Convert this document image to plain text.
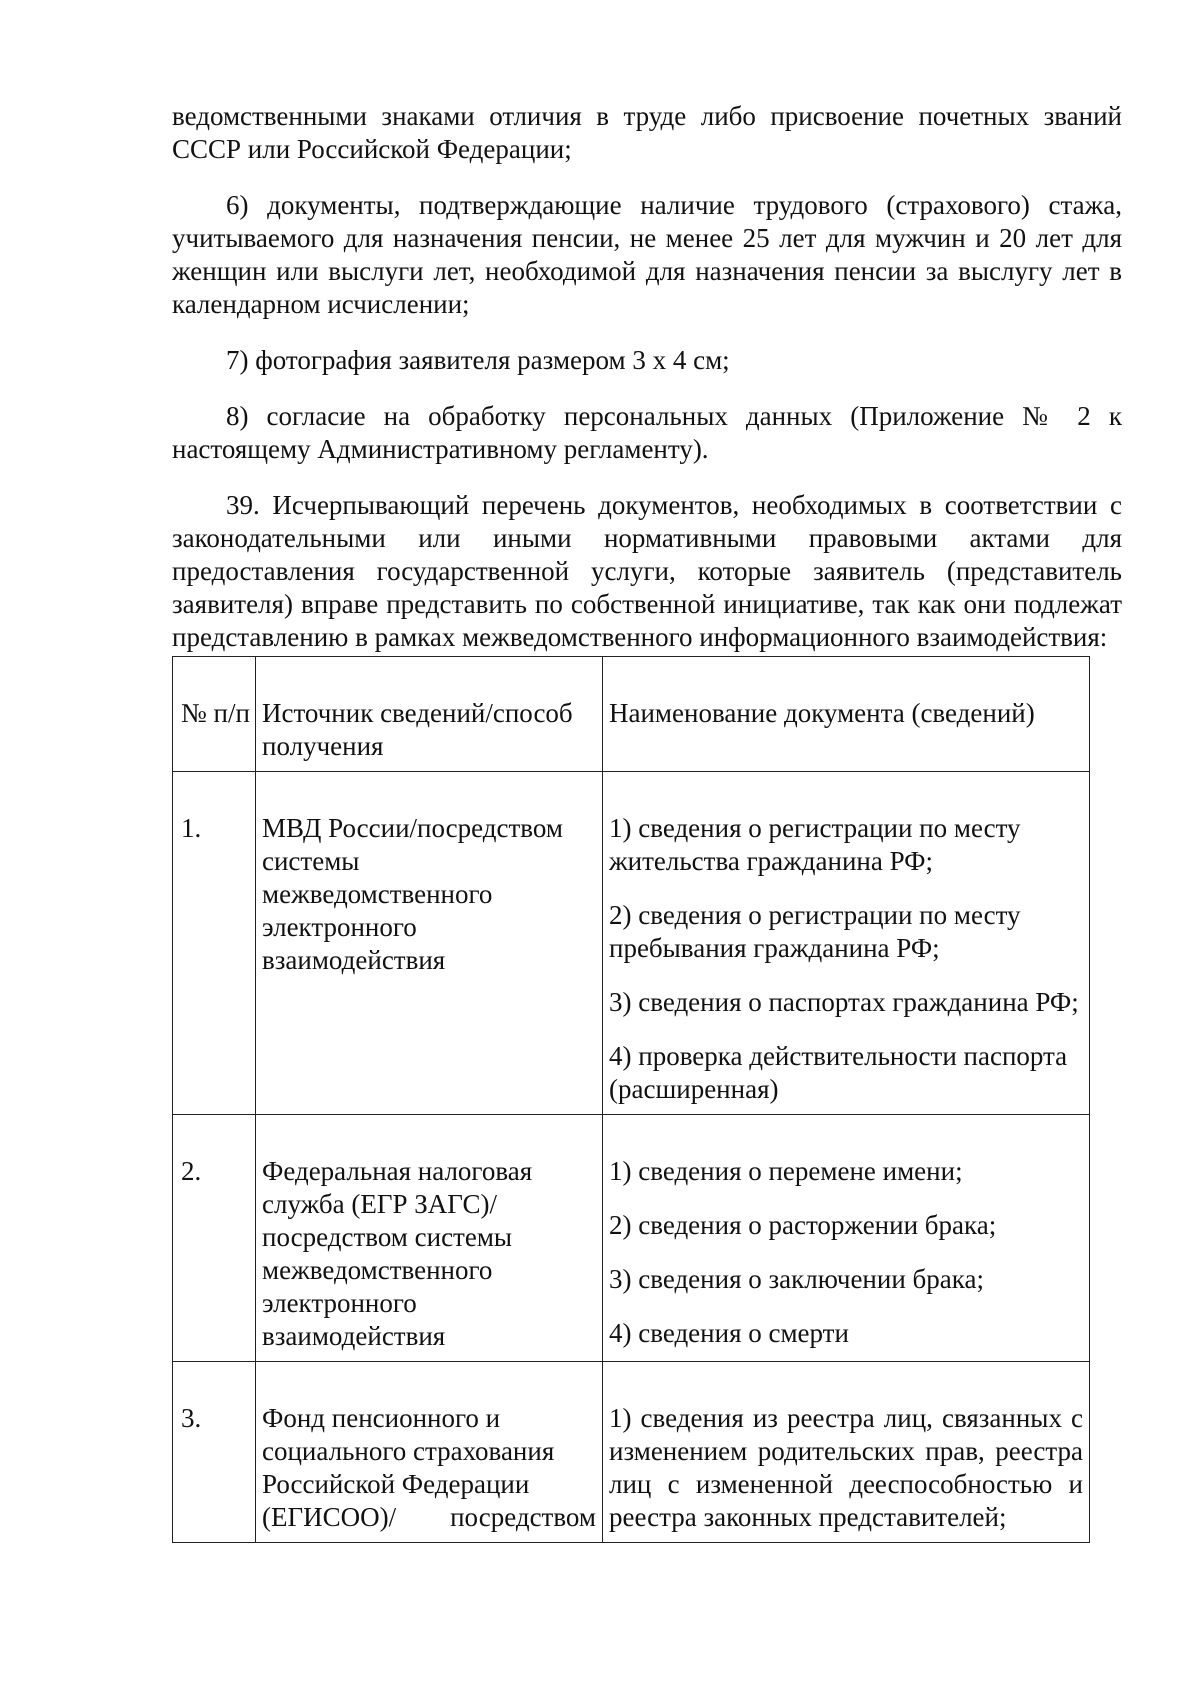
ведомственными знаками отличия в труде либо присвоение почетных званий СССР или Российской Федерации;

6) документы, подтверждающие наличие трудового (страхового) стажа, учитываемого для назначения пенсии, не менее 25 лет для мужчин и 20 лет для женщин или выслуги лет, необходимой для назначения пенсии за выслугу лет в календарном исчислении;

7) фотография заявителя размером 3 х 4 см;

8) согласие на обработку персональных данных (Приложение № 2 к настоящему Административному регламенту).

39. Исчерпывающий перечень документов, необходимых в соответствии с законодательными или иными нормативными правовыми актами для предоставления государственной услуги, которые заявитель (представитель заявителя) вправе представить по собственной инициативе, так как они подлежат представлению в рамках межведомственного информационного взаимодействия:

№ п/п	Источник сведений/способ получения	Наименование документа (сведений)
1.	МВД России/посредством системы межведомственного электронного взаимодействия	1) сведения о регистрации по месту жительства гражданина РФ;

2) сведения о регистрации по месту пребывания гражданина РФ;

3) сведения о паспортах гражданина РФ;

4) проверка действительности паспорта (расширенная)

2.	Федеральная налоговая служба (ЕГР ЗАГС)/ посредством системы межведомственного электронного взаимодействия	1) сведения о перемене имени;

2) сведения о расторжении брака;

3) сведения о заключении брака;

4) сведения о смерти

3.	Фонд пенсионного и социального страхования Российской Федерации (ЕГИСОО)/ посредством	1) сведения из реестра лиц, связанных с изменением родительских прав, реестра лиц с измененной дееспособностью и реестра законных представителей;
